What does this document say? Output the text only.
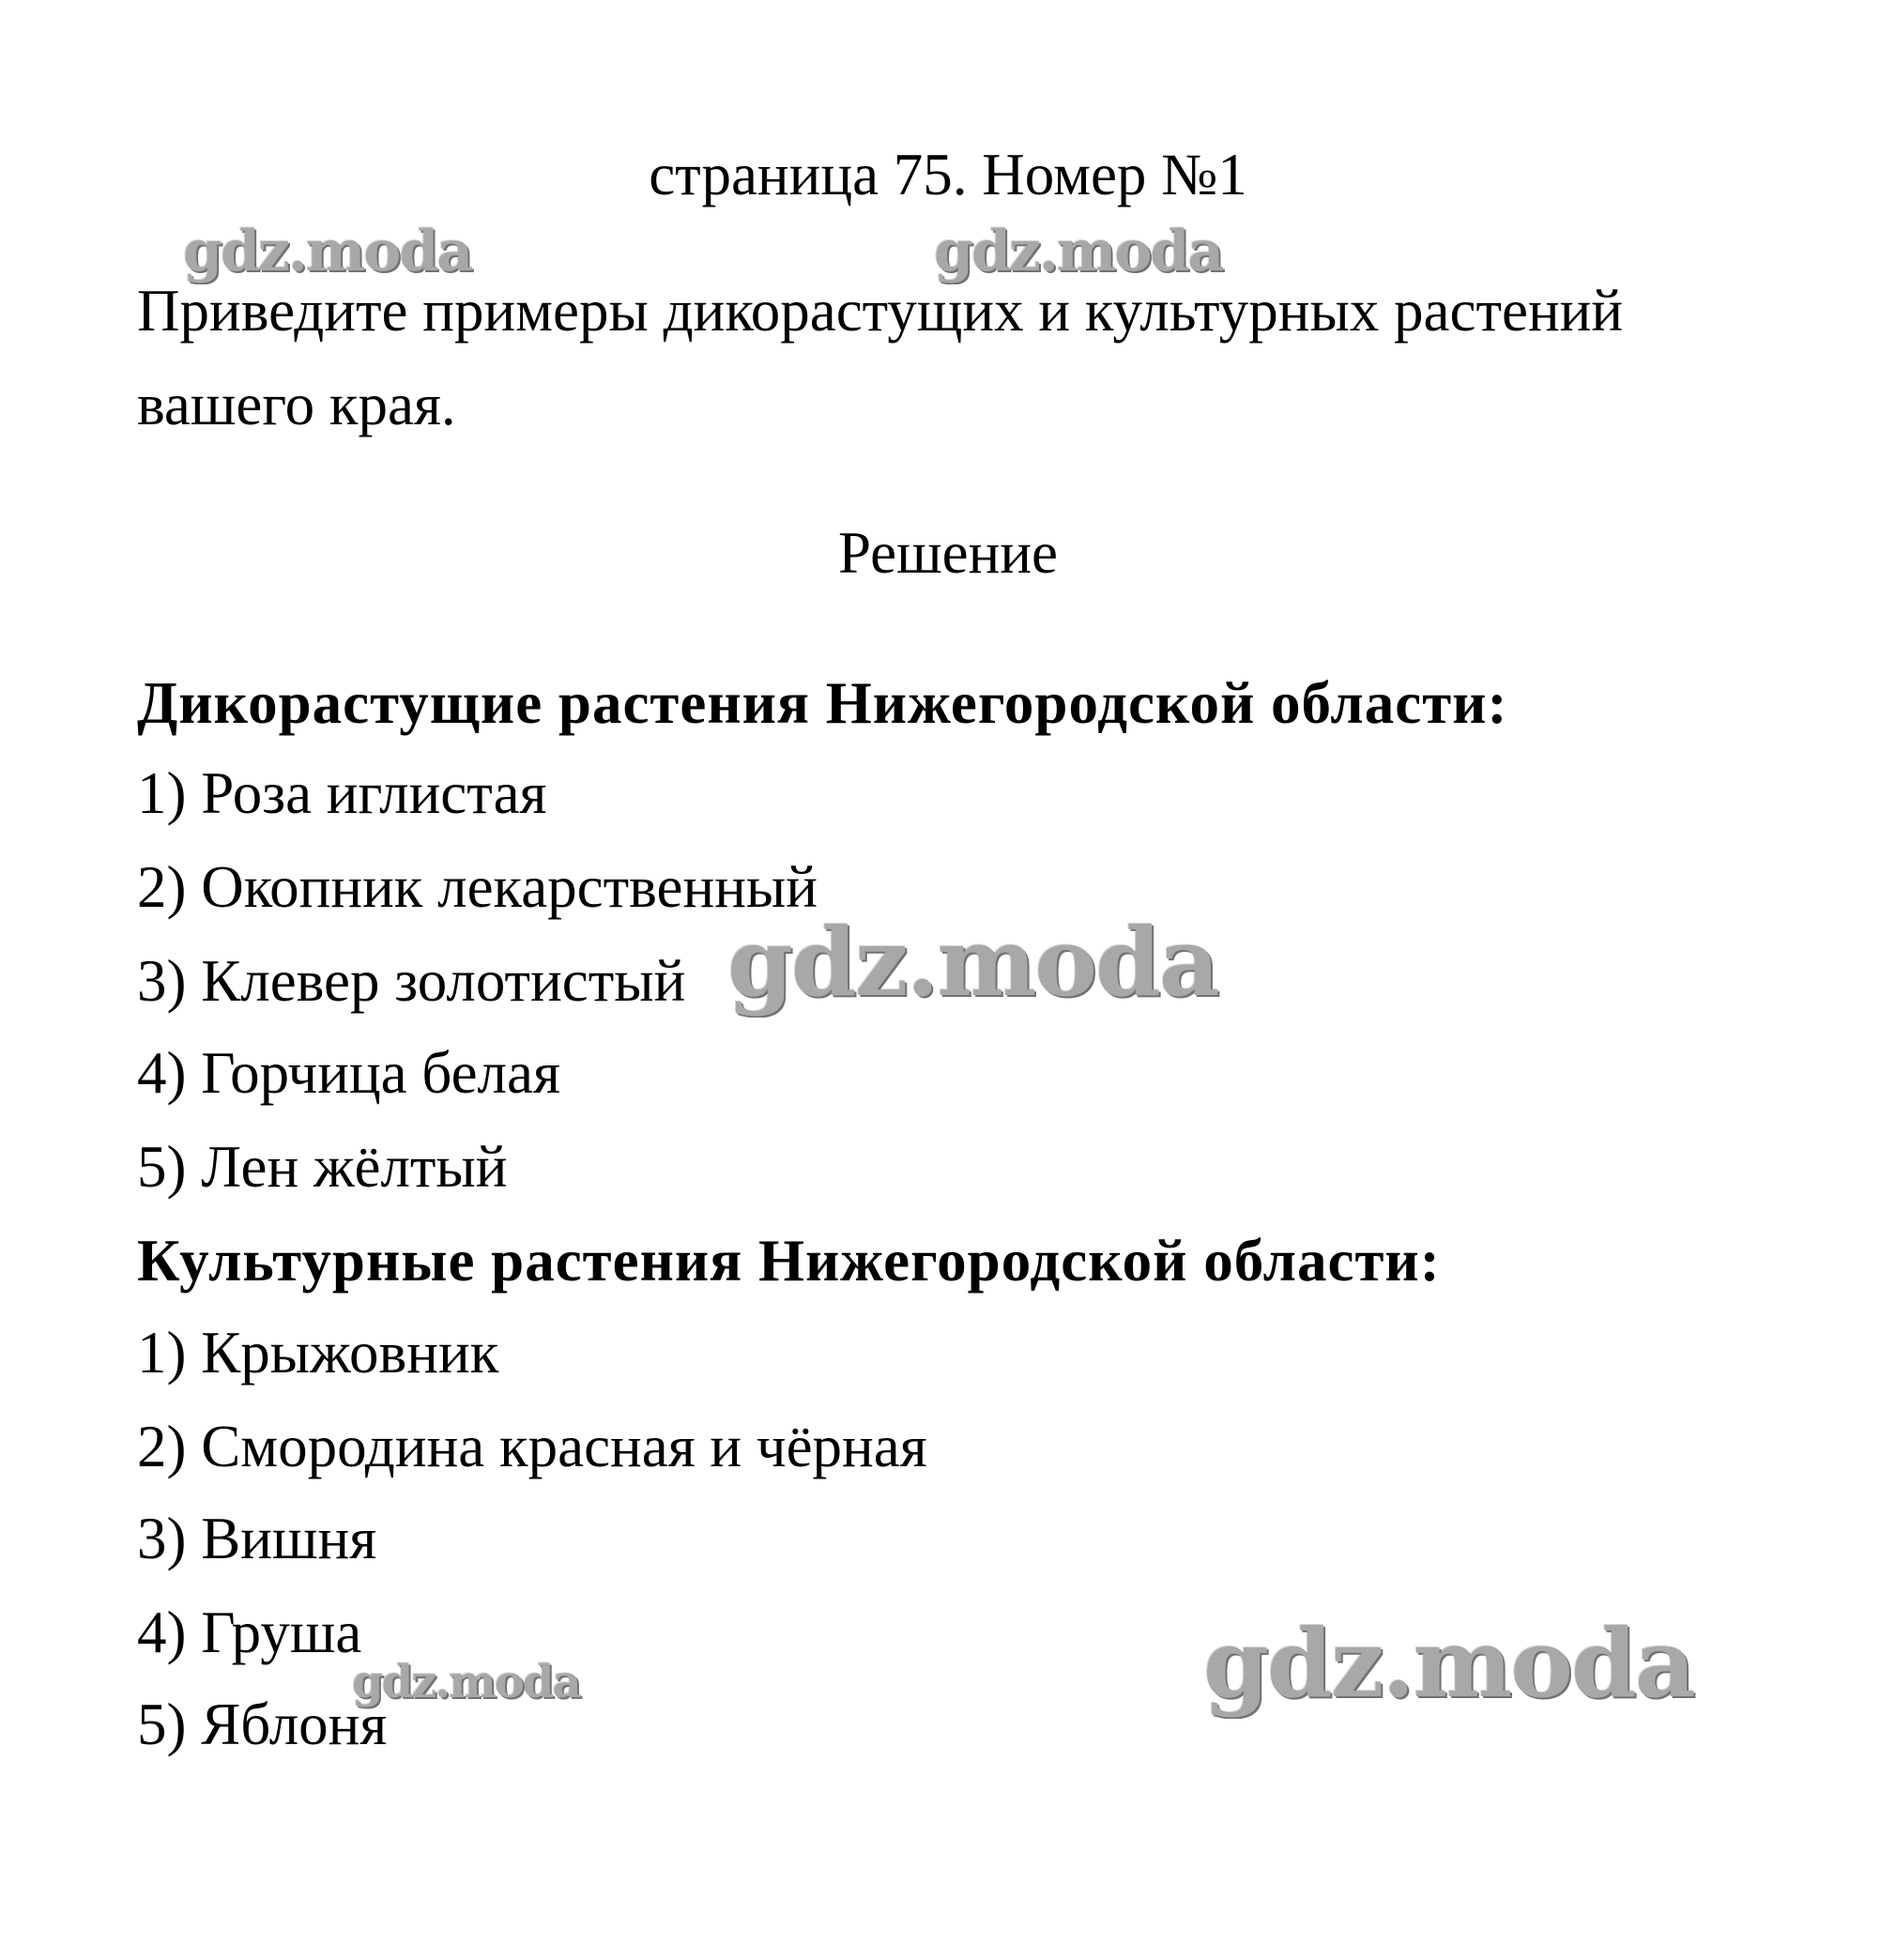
страница 75. Номер №1
Приведите примеры дикорастущих и культурных растений
вашего края.
Решение
Дикорастущие растения Нижегородской области:
1) Роза иглистая
2) Окопник лекарственный
3) Клевер золотистый
4) Горчица белая
5) Лен жёлтый
Культурные растения Нижегородской области:
1) Крыжовник
2) Смородина красная и чёрная
3) Вишня
4) Груша
5) Яблоня
gdz.moda	gdz.moda
gdz.moda
gdz.moda
gdz.moda
